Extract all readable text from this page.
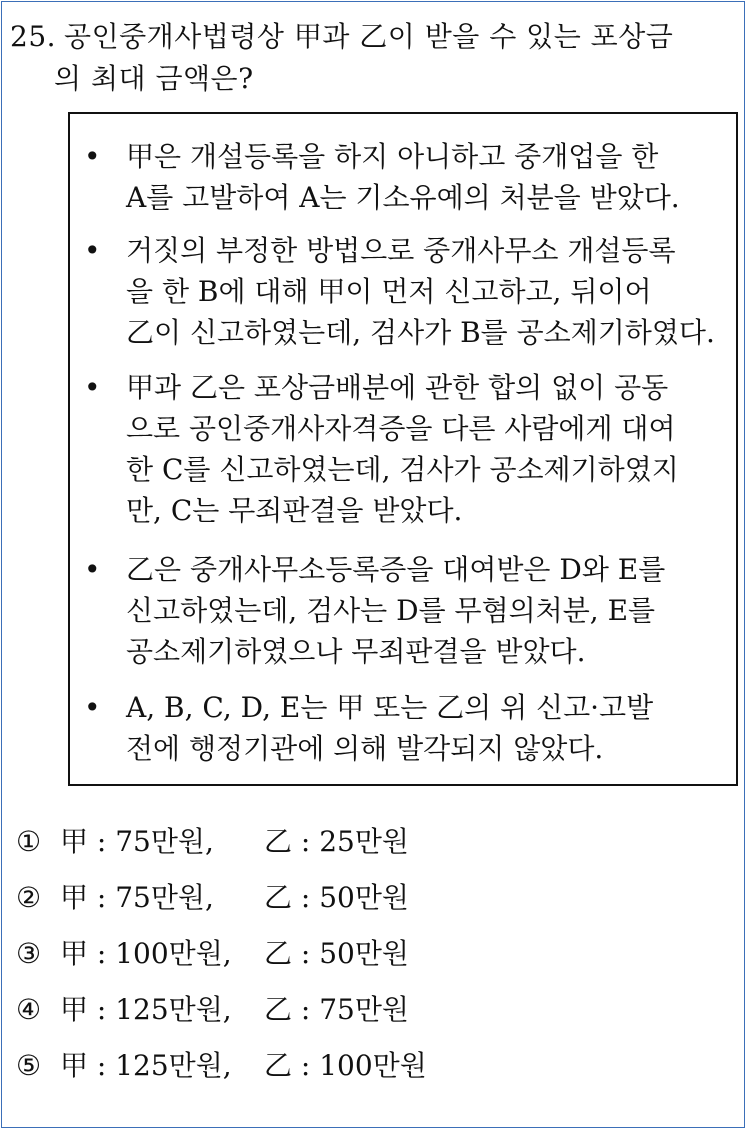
25. 공인중개사법령상 甲과 乙이 받을 수 있는 포상금
의 최대 금액은?
• 甲은 개설등록을 하지 아니하고 중개업을 한
A를 고발하여 A는 기소유예의 처분을 받았다.
• 거짓의 부정한 방법으로 중개사무소 개설등록
을 한 B에 대해 甲이 먼저 신고하고, 뒤이어
乙이 신고하였는데, 검사가 B를 공소제기하였다.
• 甲과 乙은 포상금배분에 관한 합의 없이 공동
으로 공인중개사자격증을 다른 사람에게 대여
한 C를 신고하였는데, 검사가 공소제기하였지
만, C는 무죄판결을 받았다.
• 乙은 중개사무소등록증을 대여받은 D와 E를
신고하였는데, 검사는 D를 무혐의처분, E를
공소제기하였으나 무죄판결을 받았다.
• A, B, C, D, E는 甲 또는 乙의 위 신고·고발
전에 행정기관에 의해 발각되지 않았다.
① 甲 : 75만원, 乙 : 25만원
② 甲 : 75만원, 乙 : 50만원
③ 甲 : 100만원, 乙 : 50만원
④ 甲 : 125만원, 乙 : 75만원
⑤ 甲 : 125만원, 乙 : 100만원
